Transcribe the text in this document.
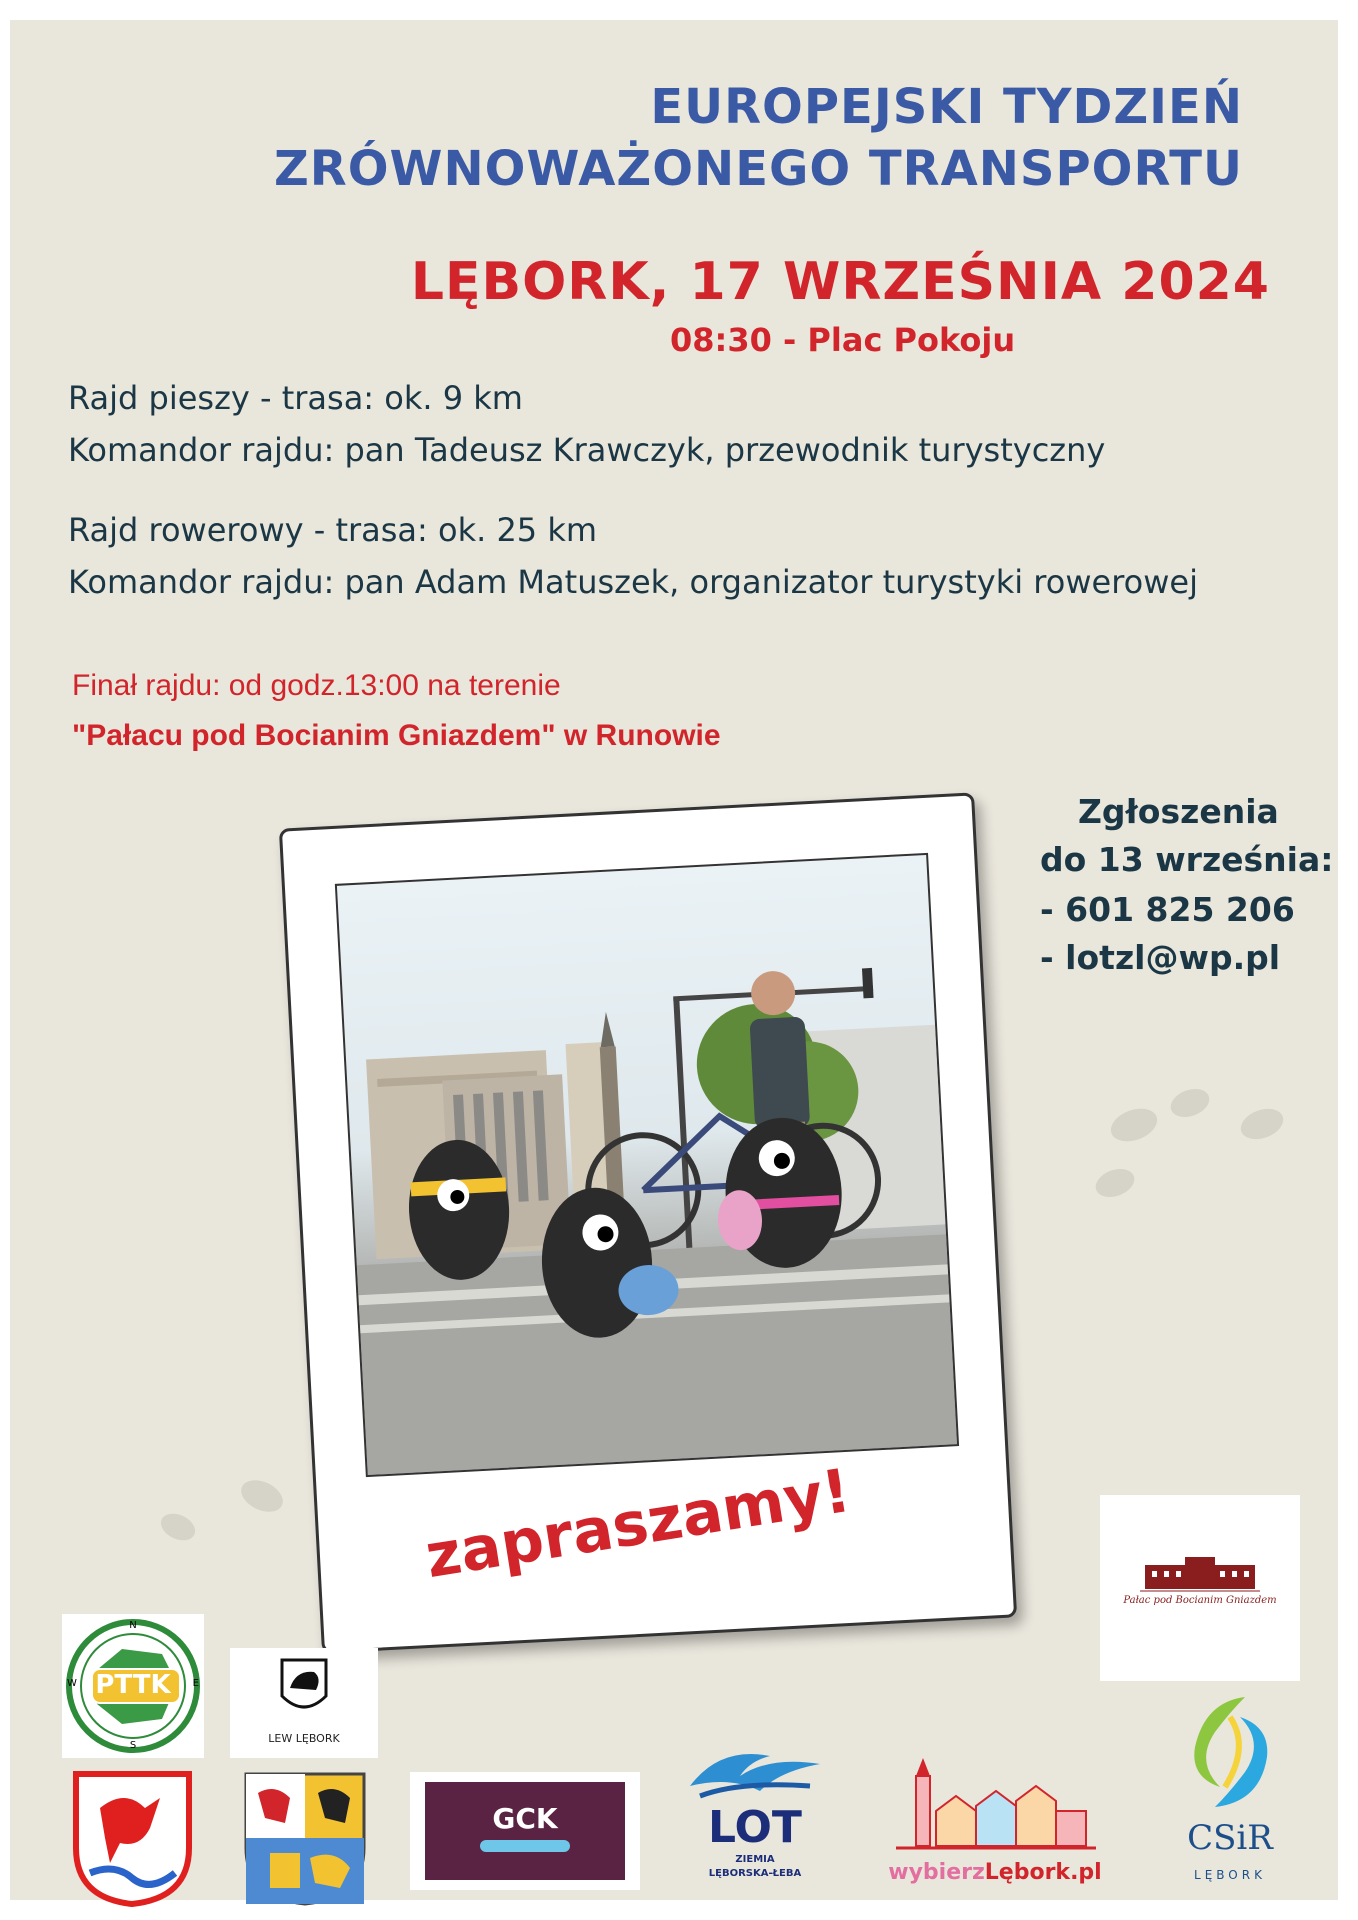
EUROPEJSKI TYDZIEŃ
ZRÓWNOWAŻONEGO TRANSPORTU
LĘBORK, 17 WRZEŚNIA 2024
08:30 - Plac Pokoju
Rajd pieszy - trasa: ok. 9 km
Komandor rajdu: pan Tadeusz Krawczyk, przewodnik turystyczny
Rajd rowerowy - trasa: ok. 25 km
Komandor rajdu: pan Adam Matuszek, organizator turystyki rowerowej
Finał rajdu: od godz.13:00 na terenie
"Pałacu pod Bocianim Gniazdem" w Runowie
Zgłoszenia
do 13 września:
- 601 825 206
- lotzl@wp.pl
zapraszamy!
PTTK
N
S
W	E
LEW LĘBORK
GCK	LOT
ZIEMIA
LĘBORSKA-ŁEBA	wybierzLębork.pl
CSiR
LĘBORK
Pałac pod Bocianim Gniazdem
